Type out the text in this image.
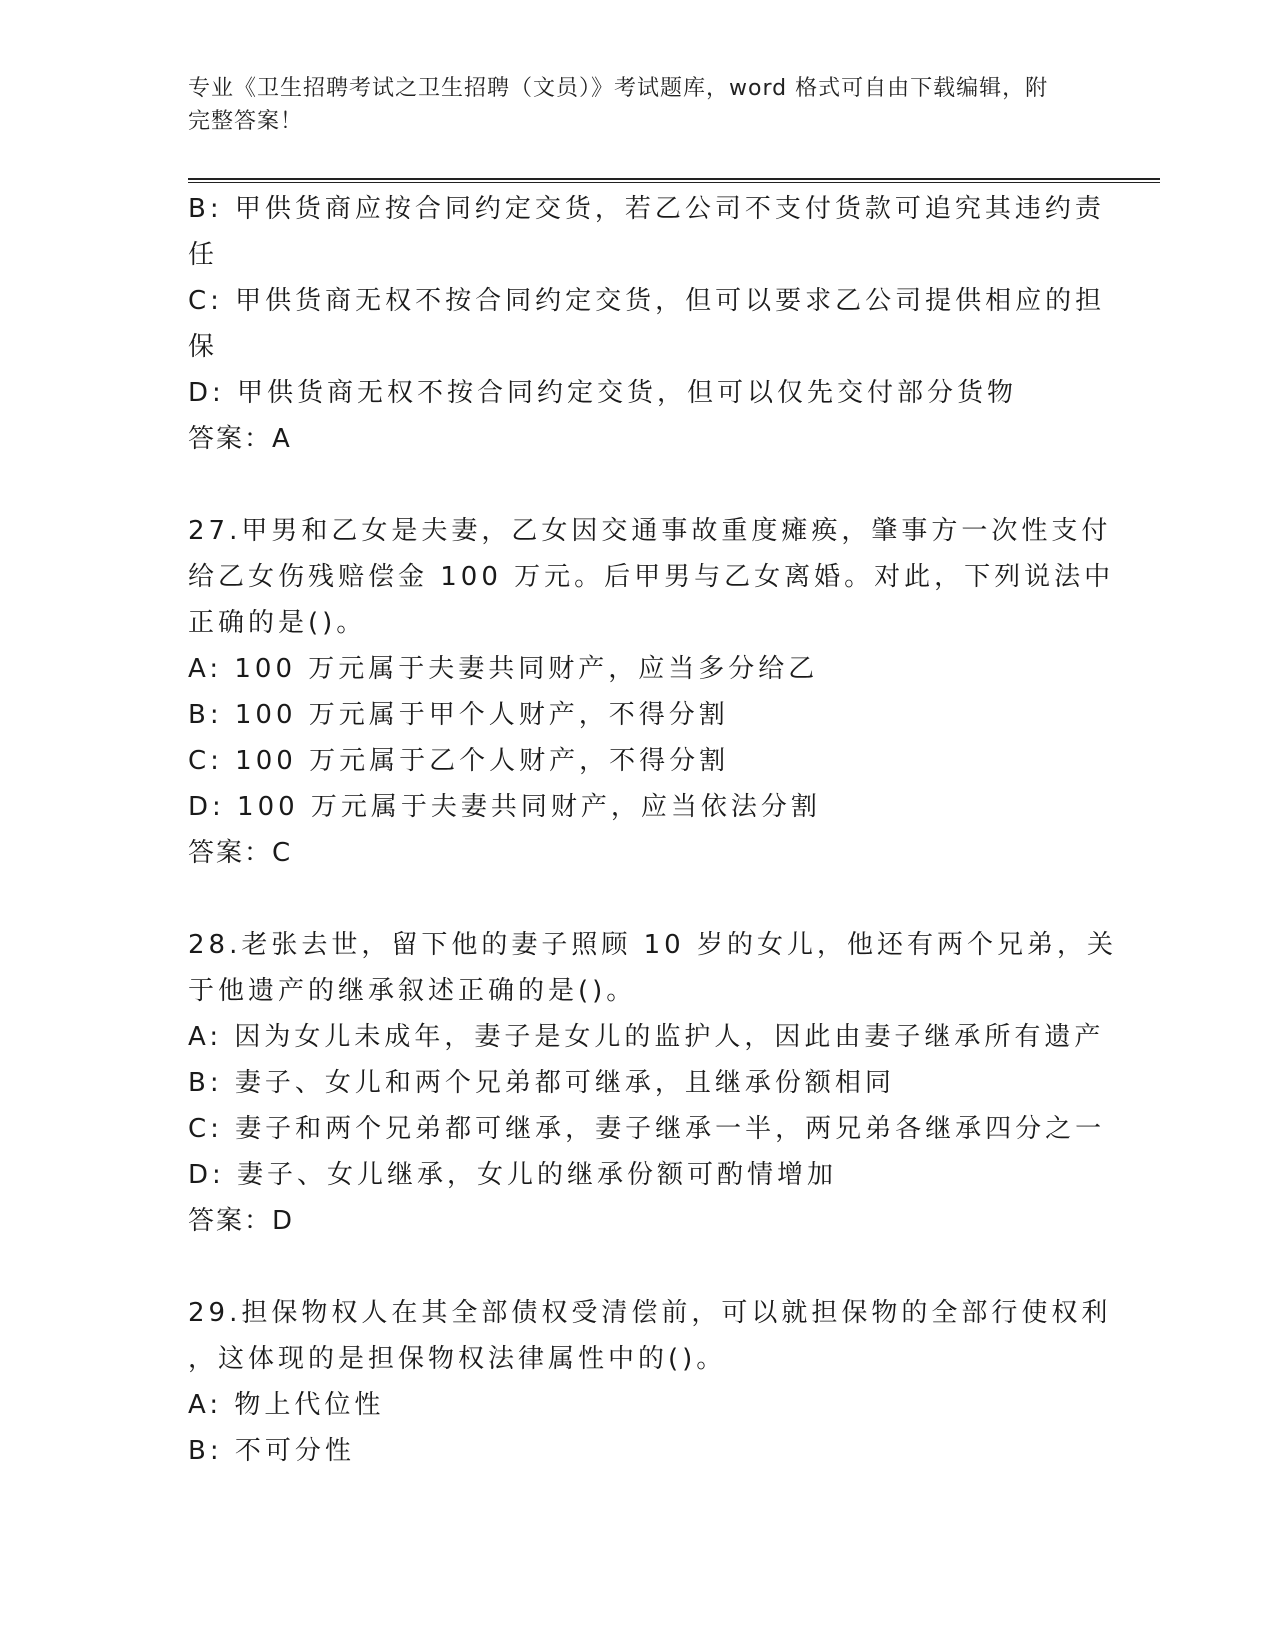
专业《卫生招聘考试之卫生招聘（文员）》考试题库，word 格式可自由下载编辑，附完整答案！
B: 甲供货商应按合同约定交货，若乙公司不支付货款可追究其违约责
任
C: 甲供货商无权不按合同约定交货，但可以要求乙公司提供相应的担
保
D: 甲供货商无权不按合同约定交货，但可以仅先交付部分货物
答案：A
27.甲男和乙女是夫妻，乙女因交通事故重度瘫痪，肇事方一次性支付
给乙女伤残赔偿金 100 万元。后甲男与乙女离婚。对此，下列说法中
正确的是()。
A: 100 万元属于夫妻共同财产，应当多分给乙
B: 100 万元属于甲个人财产，不得分割
C: 100 万元属于乙个人财产，不得分割
D: 100 万元属于夫妻共同财产，应当依法分割
答案：C
28.老张去世，留下他的妻子照顾 10 岁的女儿，他还有两个兄弟，关
于他遗产的继承叙述正确的是()。
A: 因为女儿未成年，妻子是女儿的监护人，因此由妻子继承所有遗产
B: 妻子、女儿和两个兄弟都可继承，且继承份额相同
C: 妻子和两个兄弟都可继承，妻子继承一半，两兄弟各继承四分之一
D: 妻子、女儿继承，女儿的继承份额可酌情增加
答案：D
29.担保物权人在其全部债权受清偿前，可以就担保物的全部行使权利
，这体现的是担保物权法律属性中的()。
A: 物上代位性
B: 不可分性
